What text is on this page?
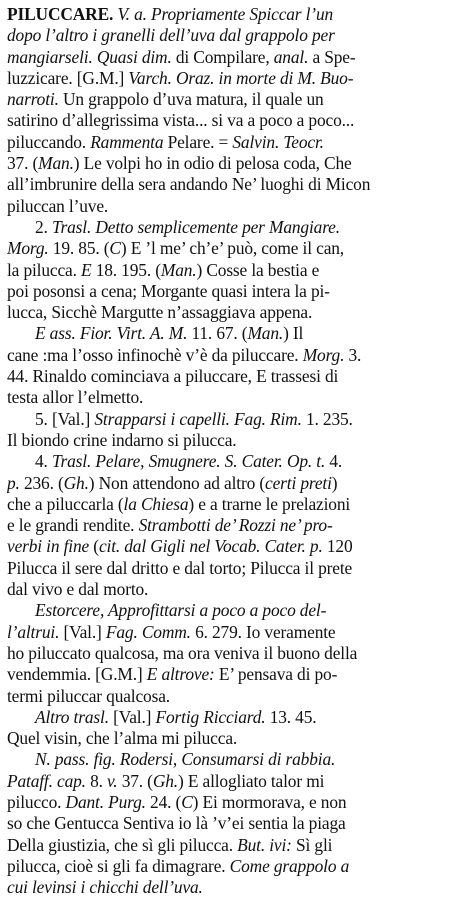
PILUCCARE. V. a. Propriamente Spiccar l’un
dopo l’altro i granelli dell’uva dal grappolo per
mangiarseli. Quasi dim. di Compilare, anal. a Spe-
luzzicare. [G.M.] Varch. Oraz. in morte di M. Buo-
narroti. Un grappolo d’uva matura, il quale un
satirino d’allegrissima vista... si va a poco a poco...
piluccando. Rammenta Pelare. = Salvin. Teocr.
37. (Man.) Le volpi ho in odio di pelosa coda, Che
all’imbrunire della sera andando Ne’ luoghi di Micon
piluccan l’uve.
2. Trasl. Detto semplicemente per Mangiare.
Morg. 19. 85. (C) E ’l me’ ch’e’ può, come il can,
la pilucca. E 18. 195. (Man.) Cosse la bestia e
poi posonsi a cena; Morgante quasi intera la pi-
lucca, Sicchè Margutte n’assaggiava appena.
E ass. Fior. Virt. A. M. 11. 67. (Man.) Il
cane :ma l’osso infinochè v’è da piluccare. Morg. 3.
44. Rinaldo cominciava a piluccare, E trassesi di
testa allor l’elmetto.
5. [Val.] Strapparsi i capelli. Fag. Rim. 1. 235.
Il biondo crine indarno si pilucca.
4. Trasl. Pelare, Smugnere. S. Cater. Op. t. 4.
p. 236. (Gh.) Non attendono ad altro (certi preti)
che a piluccarla (la Chiesa) e a trarne le prelazioni
e le grandi rendite. Strambotti de’ Rozzi ne’ pro-
verbi in fine (cit. dal Gigli nel Vocab. Cater. p. 120
Pilucca il sere dal dritto e dal torto; Pilucca il prete
dal vivo e dal morto.
Estorcere, Approfittarsi a poco a poco del-
l’altrui. [Val.] Fag. Comm. 6. 279. Io veramente
ho piluccato qualcosa, ma ora veniva il buono della
vendemmia. [G.M.] E altrove: E’ pensava di po-
termi piluccar qualcosa.
Altro trasl. [Val.] Fortig Ricciard. 13. 45.
Quel visin, che l’alma mi pilucca.
N. pass. fig. Rodersi, Consumarsi di rabbia.
Pataff. cap. 8. v. 37. (Gh.) E allogliato talor mi
pilucco. Dant. Purg. 24. (C) Ei mormorava, e non
so che Gentucca Sentiva io là ’v’ei sentia la piaga
Della giustizia, che sì gli pilucca. But. ivi: Sì gli
pilucca, cioè si gli fa dimagrare. Come grappolo a
cui levinsi i chicchi dell’uva.
